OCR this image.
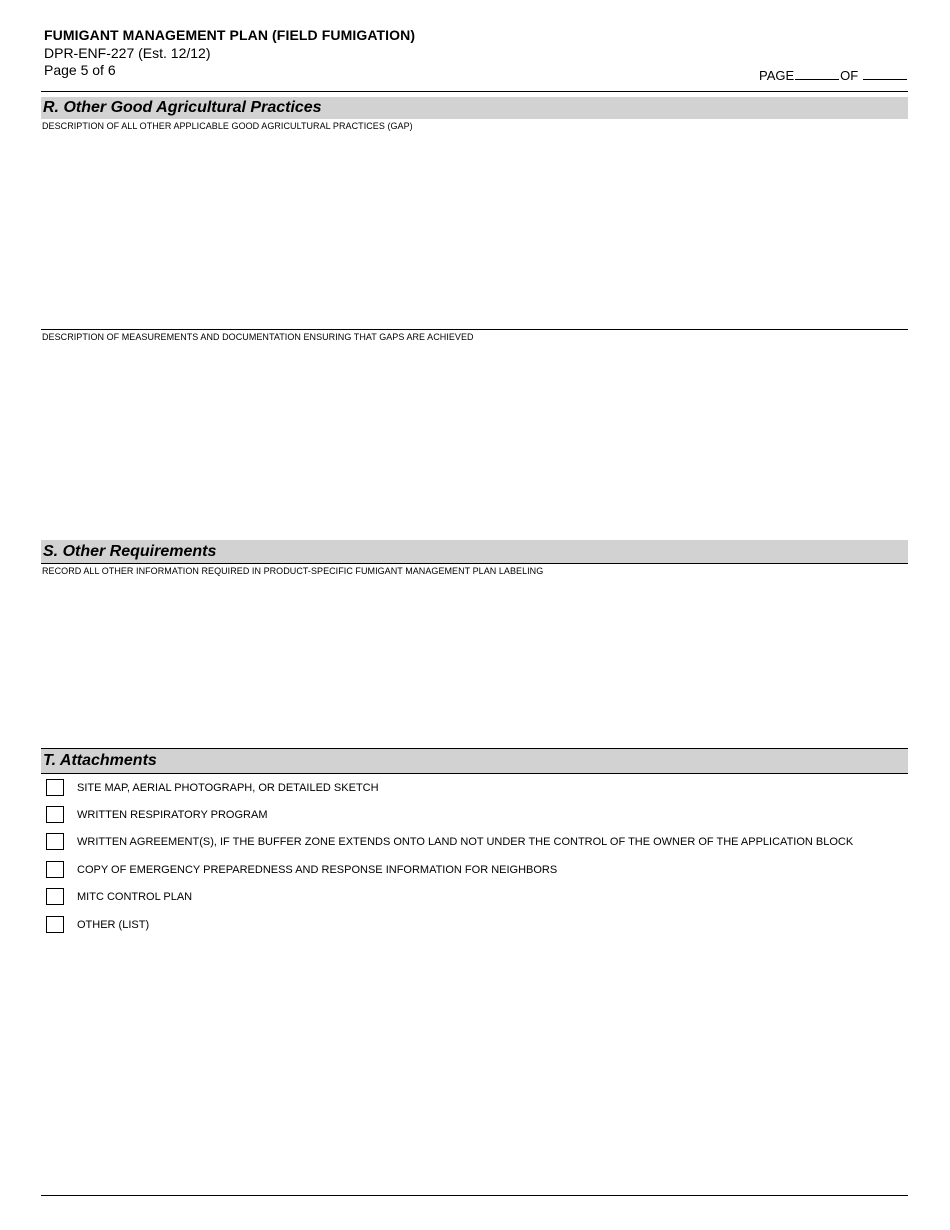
FUMIGANT MANAGEMENT PLAN (FIELD FUMIGATION)
DPR-ENF-227 (Est. 12/12)
Page 5 of 6	PAGE	OF
R. Other Good Agricultural Practices
DESCRIPTION OF ALL OTHER APPLICABLE GOOD AGRICULTURAL PRACTICES (GAP)
DESCRIPTION OF MEASUREMENTS AND DOCUMENTATION ENSURING THAT GAPS ARE ACHIEVED
S. Other Requirements
RECORD ALL OTHER INFORMATION REQUIRED IN PRODUCT-SPECIFIC FUMIGANT MANAGEMENT PLAN LABELING
T. Attachments
SITE MAP, AERIAL PHOTOGRAPH, OR DETAILED SKETCH
WRITTEN RESPIRATORY PROGRAM
WRITTEN AGREEMENT(S), IF THE BUFFER ZONE EXTENDS ONTO LAND NOT UNDER THE CONTROL OF THE OWNER OF THE APPLICATION BLOCK
COPY OF EMERGENCY PREPAREDNESS AND RESPONSE INFORMATION FOR NEIGHBORS
MITC CONTROL PLAN
OTHER (LIST)
